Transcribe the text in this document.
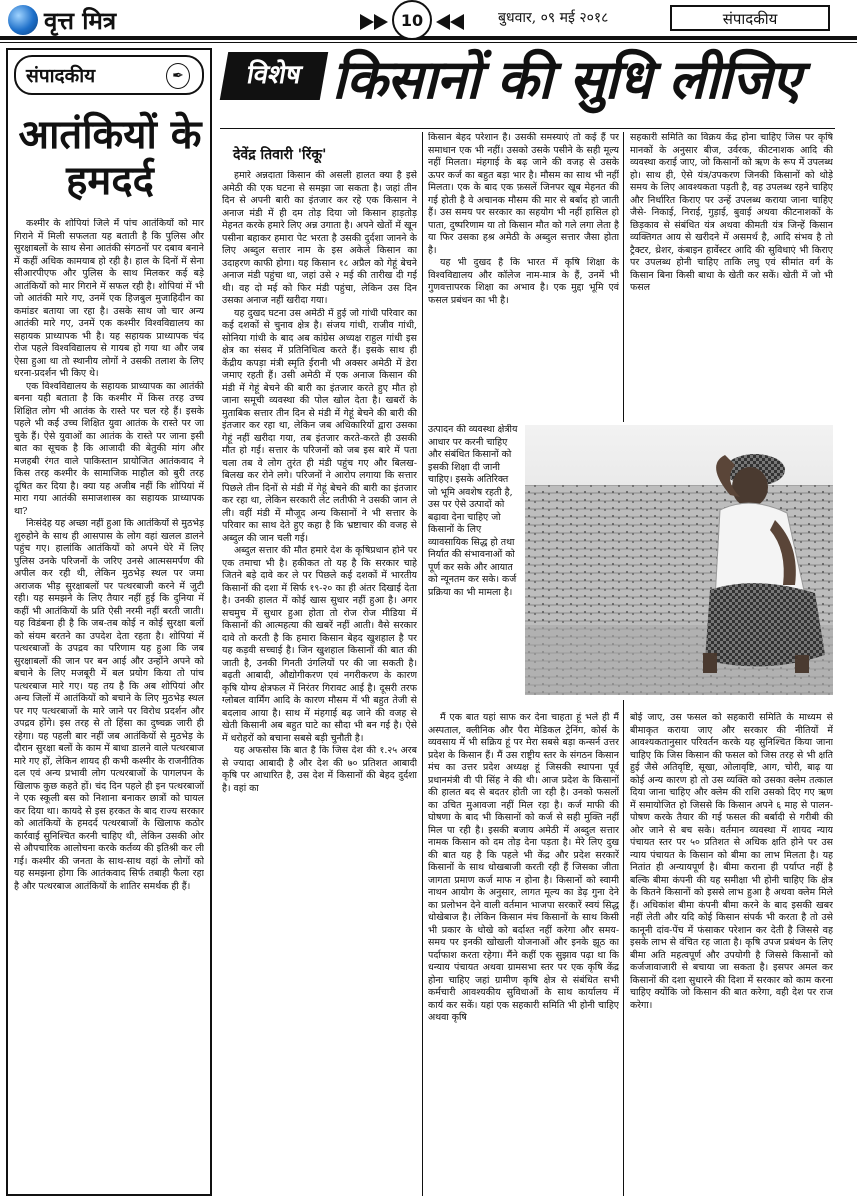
वृत्त मित्र	10	बुधवार, ०९ मई २०१८	संपादकीय
संपादकीय	✒
आतंकियों के हमदर्द

कश्मीर के शोपियां जिले में पांच आतंकियों को मार गिराने में मिली सफलता यह बताती है कि पुलिस और सुरक्षाबलों के साथ सेना आतंकी संगठनों पर दबाव बनाने में कहीं अधिक कामयाब हो रही है। हाल के दिनों में सेना सीआरपीएफ और पुलिस के साथ मिलकर कई बड़े आतंकियों को मार गिराने में सफल रही है। शोपियां में भी जो आतंकी मारे गए, उनमें एक हिजबुल मुजाहिदीन का कमांडर बताया जा रहा है। उसके साथ जो चार अन्य आतंकी मारे गए, उनमें एक कश्मीर विश्वविद्यालय का सहायक प्राध्यापक भी है। यह सहायक प्राध्यापक चंद रोज पहले विश्वविद्यालय से गायब हो गया था और जब ऐसा हुआ था तो स्थानीय लोगों ने उसकी तलाश के लिए धरना-प्रदर्शन भी किए थे।

एक विश्वविद्यालय के सहायक प्राध्यापक का आतंकी बनना यही बताता है कि कश्मीर में किस तरह उच्च शिक्षित लोग भी आतंक के रास्ते पर चल रहे हैं। इसके पहले भी कई उच्च शिक्षित युवा आतंक के रास्ते पर जा चुके हैं। ऐसे युवाओं का आतंक के रास्ते पर जाना इसी बात का सूचक है कि आजादी की बेतुकी मांग और मजहबी रंगत वाले पाकिस्तान प्रायोजित आतंकवाद ने किस तरह कश्मीर के सामाजिक माहौल को बुरी तरह दूषित कर दिया है। क्या यह अजीब नहीं कि शोपियां में मारा गया आतंकी समाजशास्त्र का सहायक प्राध्यापक था?

निःसंदेह यह अच्छा नहीं हुआ कि आतंकियों से मुठभेड़ शुरुहोने के साथ ही आसपास के लोग वहां खलल डालने पहुंच गए। हालांकि आतंकियों को अपने घेरे में लिए पुलिस उनके परिजनों के जरिए उनसे आत्मसमर्पण की अपील कर रही थी, लेकिन मुठभेड़ स्थल पर जमा अराजक भीड़ सुरक्षाबलों पर पत्थरबाजी करने में जुटी रही। यह समझने के लिए तैयार नहीं हुई कि दुनिया में कहीं भी आतंकियों के प्रति ऐसी नरमी नहीं बरती जाती। यह विडंबना ही है कि जब-तब कोई न कोई सुरक्षा बलों को संयम बरतने का उपदेश देता रहता है। शोपियां में पत्थरबाजों के उपद्रव का परिणाम यह हुआ कि जब सुरक्षाबलों की जान पर बन आई और उन्होंने अपने को बचाने के लिए मजबूरी में बल प्रयोग किया तो पांच पत्थरबाज मारे गए। यह तय है कि अब शोपियां और अन्य जिलों में आतंकियों को बचाने के लिए मुठभेड़ स्थल पर गए पत्थरबाजों के मारे जाने पर विरोध प्रदर्शन और उपद्रव होंगे। इस तरह से तो हिंसा का दुष्चक्र जारी ही रहेगा। यह पहली बार नहीं जब आतंकियों से मुठभेड़ के दौरान सुरक्षा बलों के काम में बाधा डालने वाले पत्थरबाज मारे गए हों, लेकिन शायद ही कभी कश्मीर के राजनीतिक दल एवं अन्य प्रभावी लोग पत्थरबाजों के पागलपन के खिलाफ कुछ कहते हों। चंद दिन पहले ही इन पत्थरबाजों ने एक स्कूली बस को निशाना बनाकर छात्रों को घायल कर दिया था। कायदे से इस हरकत के बाद राज्य सरकार को आतंकियों के हमदर्द पत्थरबाजों के खिलाफ कठोर कार्रवाई सुनिश्चित करनी चाहिए थी, लेकिन उसकी ओर से औपचारिक आलोचना करके कर्तव्य की इतिश्री कर ली गई। कश्मीर की जनता के साथ-साथ वहां के लोगों को यह समझना होगा कि आतंकवाद सिर्फ तबाही फैला रहा है और पत्थरबाज आतंकियों के शातिर समर्थक ही हैं।

विशेष किसानों की सुधि लीजिए
देवेंद्र तिवारी 'रिंकू'

हमारे अन्नदाता किसान की असली हालत क्या है इसे अमेठी की एक घटना से समझा जा सकता है। जहां तीन दिन से अपनी बारी का इंतजार कर रहे एक किसान ने अनाज मंडी में ही दम तोड़ दिया जो किसान हाड़तोड़ मेहनत करके हमारे लिए अन्न उगाता है। अपने खेतों में खून पसीना बहाकर हमारा पेट भरता है उसकी दुर्दशा जानने के लिए अब्दुल सत्तार नाम के इस अकेले किसान का उदाहरण काफी होगा। यह किसान १८ अप्रैल को गेहूं बेचने अनाज मंडी पहुंचा था, जहां उसे २ मई की तारीख दी गई थी। वह दो मई को फिर मंडी पहुंचा, लेकिन उस दिन उसका अनाज नहीं खरीदा गया।

यह दुखद घटना उस अमेठी में हुई जो गांधी परिवार का कई दशकों से चुनाव क्षेत्र है। संजय गांधी, राजीव गांधी, सोनिया गांधी के बाद अब कांग्रेस अध्यक्ष राहुल गांधी इस क्षेत्र का संसद में प्रतिनिधित्व करते हैं। इसके साथ ही केंद्रीय कपड़ा मंत्री स्मृति ईरानी भी अक्सर अमेठी में डेरा जमाए रहती हैं। उसी अमेठी में एक अनाज किसान की मंडी में गेहूं बेचने की बारी का इंतजार करते हुए मौत हो जाना समूची व्यवस्था की पोल खोल देता है। खबरों के मुताबिक सत्तार तीन दिन से मंडी में गेहूं बेचने की बारी की इंतजार कर रहा था, लेकिन जब अधिकारियों द्वारा उसका गेहूं नहीं खरीदा गया, तब इंतजार करते-करते ही उसकी मौत हो गई। सत्तार के परिजनों को जब इस बारे में पता चला तब वे लोग तुरंत ही मंडी पहुंच गए और बिलख-बिलख कर रोने लगे। परिजनों ने आरोप लगाया कि सत्तार पिछले तीन दिनों से मंडी में गेहूं बेचने की बारी का इंतजार कर रहा था, लेकिन सरकारी लेट लतीफी ने उसकी जान ले ली। वहीं मंडी में मौजूद अन्य किसानों ने भी सत्तार के परिवार का साथ देते हुए कहा है कि भ्रष्टाचार की वजह से अब्दुल की जान चली गई।

अब्दुल सत्तार की मौत हमारे देश के कृषिप्रधान होने पर एक तमाचा भी है। हकीकत तो यह है कि सरकार चाहे जितने बड़े दावे कर ले पर पिछले कई दशकों में भारतीय किसानों की दशा में सिर्फ १९-२० का ही अंतर दिखाई देता है। उनकी हालत में कोई खास सुधार नहीं हुआ है। अगर सचमुच में सुधार हुआ होता तो रोज रोज मीडिया में किसानों की आत्महत्या की खबरें नहीं आती। वैसे सरकार दावे तो करती है कि हमारा किसान बेहद खुशहाल है पर यह कड़वी सच्चाई है। जिन खुशहाल किसानों की बात की जाती है, उनकी गिनती उंगलियों पर की जा सकती है। बढ़ती आबादी, औद्योगीकरण एवं नगरीकरण के कारण कृषि योग्य क्षेत्रफल में निरंतर गिरावट आई है। दूसरी तरफ ग्लोबल वार्मिंग आदि के कारण मौसम में भी बहुत तेजी से बदलाव आया है। साथ में मंहगाई बढ़ जाने की वजह से खेती किसानी अब बहुत घाटे का सौदा भी बन गई है। ऐसे में धरोहरों को बचाना सबसे बड़ी चुनौती है।

यह अफसोस कि बात है कि जिस देश की १.२५ अरब से ज्यादा आबादी है और देश की ७० प्रतिशत आबादी कृषि पर आधारित है, उस देश में किसानों की बेहद दुर्दशा है। वहां का

किसान बेहद परेशान है। उसकी समस्याएं तो कई हैं पर समाधान एक भी नहीं। उसको उसके पसीने के सही मूल्य नहीं मिलता। मंहगाई के बढ़ जाने की वजह से उसके ऊपर कर्ज का बहुत बड़ा भार है। मौसम का साथ भी नहीं मिलता। एक के बाद एक फ़सलें जिनपर खूब मेहनत की गई होती है वे अचानक मौसम की मार से बर्बाद हो जाती हैं। उस समय पर सरकार का सहयोग भी नहीं हासिल हो पाता, दुष्परिणाम या तो किसान मौत को गले लगा लेता है या फिर उसका हश्र अमेठी के अब्दुल सत्तार जैसा होता है।

यह भी दुखद है कि भारत में कृषि शिक्षा के विश्वविद्यालय और कॉलेज नाम-मात्र के हैं, उनमें भी गुणवत्तापरक शिक्षा का अभाव है। एक मुद्दा भूमि एवं फसल प्रबंधन का भी है।

उत्पादन की व्यवस्था क्षेत्रीय आधार पर करनी चाहिए और संबंधित किसानों को इसकी शिक्षा दी जानी चाहिए। इसके अतिरिक्त जो भूमि अवशेष रहती है, उस पर ऐसे उत्पादों को बढ़ावा देना चाहिए जो किसानों के लिए व्यावसायिक सिद्ध हो तथा निर्यात की संभावनाओं को पूर्ण कर सके और आयात को न्यूनतम कर सके। कर्ज प्रक्रिया का भी मामला है।

मैं एक बात यहां साफ कर देना चाहता हूं भले ही मैं अस्पताल, क्लीनिक और पैरा मेडिकल ट्रेनिंग, कोर्स के व्यवसाय में भी सक्रिय हूं पर मेरा सबसे बड़ा कन्सर्न उत्तर प्रदेश के किसान हैं। मैं उस राष्ट्रीय स्तर के संगठन किसान मंच का उत्तर प्रदेश अध्यक्ष हूं जिसकी स्थापना पूर्व प्रधानमंत्री वी पी सिंह ने की थी। आज प्रदेश के किसानों की हालत बद से बदतर होती जा रही है। उनको फसलों का उचित मुआवजा नहीं मिल रहा है। कर्ज माफी की घोषणा के बाद भी किसानों को कर्ज से सही मुक्ति नहीं मिल पा रही है। इसकी बजाय अमेठी में अब्दुल सत्तार नामक किसान को दम तोड़ देना पड़ता है। मेरे लिए दुख की बात यह है कि पहले भी केंद्र और प्रदेश सरकारें किसानों के साथ धोखबाजी करती रही हैं जिसका जीता जागता प्रमाण कर्ज माफ न होना है। किसानों को स्वामी नाथन आयोग के अनुसार, लागत मूल्य का डेढ़ गुना देने का प्रलोभन देने वाली वर्तमान भाजपा सरकारें स्वयं सिद्ध धोखेबाज है। लेकिन किसान मंच किसानों के साथ किसी भी प्रकार के धोखे को बर्दाश्त नहीं करेगा और समय-समय पर इनकी खोखली योजनाओं और इनके झूठ का पर्दाफाश करता रहेगा। मैंने कहीं एक सुझाव पढ़ा था कि धन्याय पंचायत अथवा ग्रामसभा स्तर पर एक कृषि केंद्र होना चाहिए जहां ग्रामीण कृषि क्षेत्र से संबंधित सभी कर्मचारी आवश्यकीय सुविधाओं के साथ कार्यालय में कार्य कर सकें। यहां एक सहकारी समिति भी होनी चाहिए अथवा कृषि

सहकारी समिति का विक्रय केंद्र होना चाहिए जिस पर कृषि मानकों के अनुसार बीज, उर्वरक, कीटनाशक आदि की व्यवस्था कराई जाए, जो किसानों को ऋण के रूप में उपलब्ध हो। साथ ही, ऐसे यंत्र/उपकरण जिनकी किसानों को थोड़े समय के लिए आवश्यकता पड़ती है, वह उपलब्ध रहने चाहिए और निर्धारित किराए पर उन्हें उपलब्ध कराया जाना चाहिए जैसे- निकाई, निराई, गुड़ाई, बुवाई अथवा कीटनाशकों के छिड़काव से संबंधित यंत्र अथवा कीमती यंत्र जिन्हें किसान व्यक्तिगत आय से खरीदने में असमर्थ है, आदि संभव है तो ट्रैक्टर, थ्रेशर, कंबाइन हार्वेस्टर आदि की सुविधाएं भी किराए पर उपलब्ध होनी चाहिए ताकि लघु एवं सीमांत वर्ग के किसान बिना किसी बाधा के खेती कर सकें। खेती में जो भी फसल

बोई जाए, उस फसल को सहकारी समिति के माध्यम से बीमाकृत कराया जाए और सरकार की नीतियों में आवश्यकतानुसार परिवर्तन करके यह सुनिश्चित किया जाना चाहिए कि जिस किसान की फसल को जिस तरह से भी क्षति हुई जैसे अतिवृष्टि, सूखा, ओलावृष्टि, आग, चोरी, बाढ़ या कोई अन्य कारण हो तो उस व्यक्ति को उसका क्लेम तत्काल दिया जाना चाहिए और क्लेम की राशि उसको दिए गए ऋण में समायोजित हो जिससे कि किसान अपने ६ माह से पालन-पोषण करके तैयार की गई फसल की बर्बादी से गरीबी की ओर जाने से बच सके। वर्तमान व्यवस्था में शायद न्याय पंचायत स्तर पर ५० प्रतिशत से अधिक क्षति होने पर उस न्याय पंचायत के किसान को बीमा का लाभ मिलता है। यह नितांत ही अन्यायपूर्ण है। बीमा कराना ही पर्याप्त नहीं है बल्कि बीमा कंपनी की यह समीक्षा भी होनी चाहिए कि क्षेत्र के कितने किसानों को इससे लाभ हुआ है अथवा क्लेम मिले हैं। अधिकांश बीमा कंपनी बीमा करने के बाद इसकी खबर नहीं लेती और यदि कोई किसान संपर्क भी करता है तो उसे कानूनी दांव-पेंच में फंसाकर परेशान कर देती है जिससे वह इसके लाभ से वंचित रह जाता है। कृषि उपज प्रबंधन के लिए बीमा अति महत्वपूर्ण और उपयोगी है जिससे किसानों को कर्जजावाजारी से बचाया जा सकता है। इसपर अमल कर किसानों की दशा सुधारने की दिशा में सरकार को काम करना चाहिए क्योंकि जो किसान की बात करेगा, वही देश पर राज करेगा।
